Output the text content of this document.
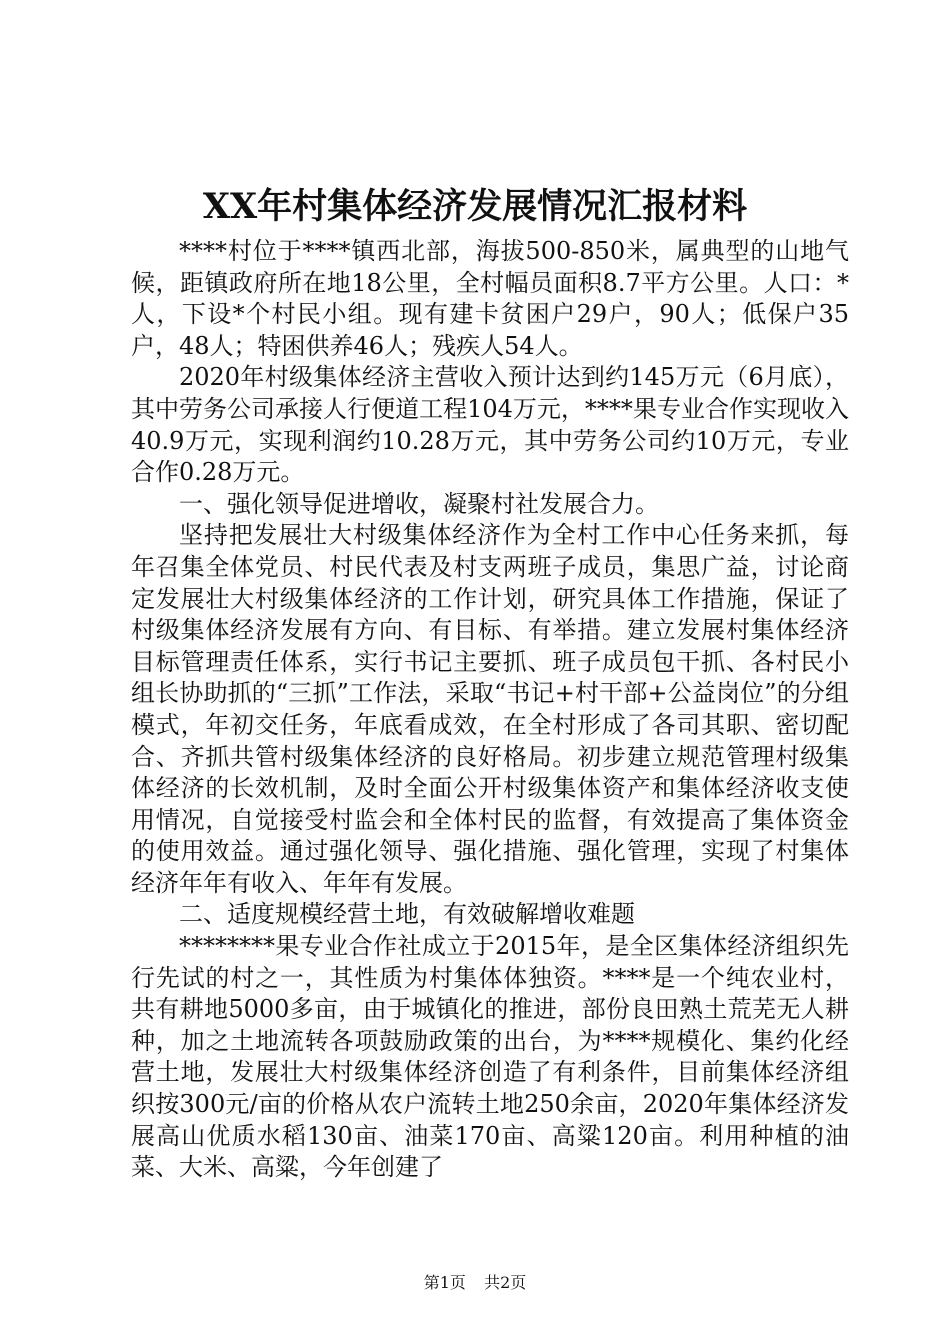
XX年村集体经济发展情况汇报材料

****村位于****镇西北部，海拔500-850米，属典型的山地气候，距镇政府所在地18公里，全村幅员面积8.7平方公里。人口：*人，下设*个村民小组。现有建卡贫困户29户，90人；低保户35户，48人；特困供养46人；残疾人54人。

2020年村级集体经济主营收入预计达到约145万元（6月底），其中劳务公司承接人行便道工程104万元，****果专业合作实现收入40.9万元，实现利润约10.28万元，其中劳务公司约10万元，专业合作0.28万元。

一、强化领导促进增收，凝聚村社发展合力。

坚持把发展壮大村级集体经济作为全村工作中心任务来抓，每年召集全体党员、村民代表及村支两班子成员，集思广益，讨论商定发展壮大村级集体经济的工作计划，研究具体工作措施，保证了村级集体经济发展有方向、有目标、有举措。建立发展村集体经济目标管理责任体系，实行书记主要抓、班子成员包干抓、各村民小组长协助抓的“三抓”工作法，采取“书记+村干部+公益岗位”的分组模式，年初交任务，年底看成效，在全村形成了各司其职、密切配合、齐抓共管村级集体经济的良好格局。初步建立规范管理村级集体经济的长效机制，及时全面公开村级集体资产和集体经济收支使用情况，自觉接受村监会和全体村民的监督，有效提高了集体资金的使用效益。通过强化领导、强化措施、强化管理，实现了村集体经济年年有收入、年年有发展。

二、适度规模经营土地，有效破解增收难题

********果专业合作社成立于2015年，是全区集体经济组织先行先试的村之一，其性质为村集体体独资。****是一个纯农业村，共有耕地5000多亩，由于城镇化的推进，部份良田熟土荒芜无人耕种，加之土地流转各项鼓励政策的出台，为****规模化、集约化经营土地，发展壮大村级集体经济创造了有利条件，目前集体经济组织按300元/亩的价格从农户流转土地250余亩，2020年集体经济发展高山优质水稻130亩、油菜170亩、高粱120亩。利用种植的油菜、大米、高粱，今年创建了

第1页 共2页
